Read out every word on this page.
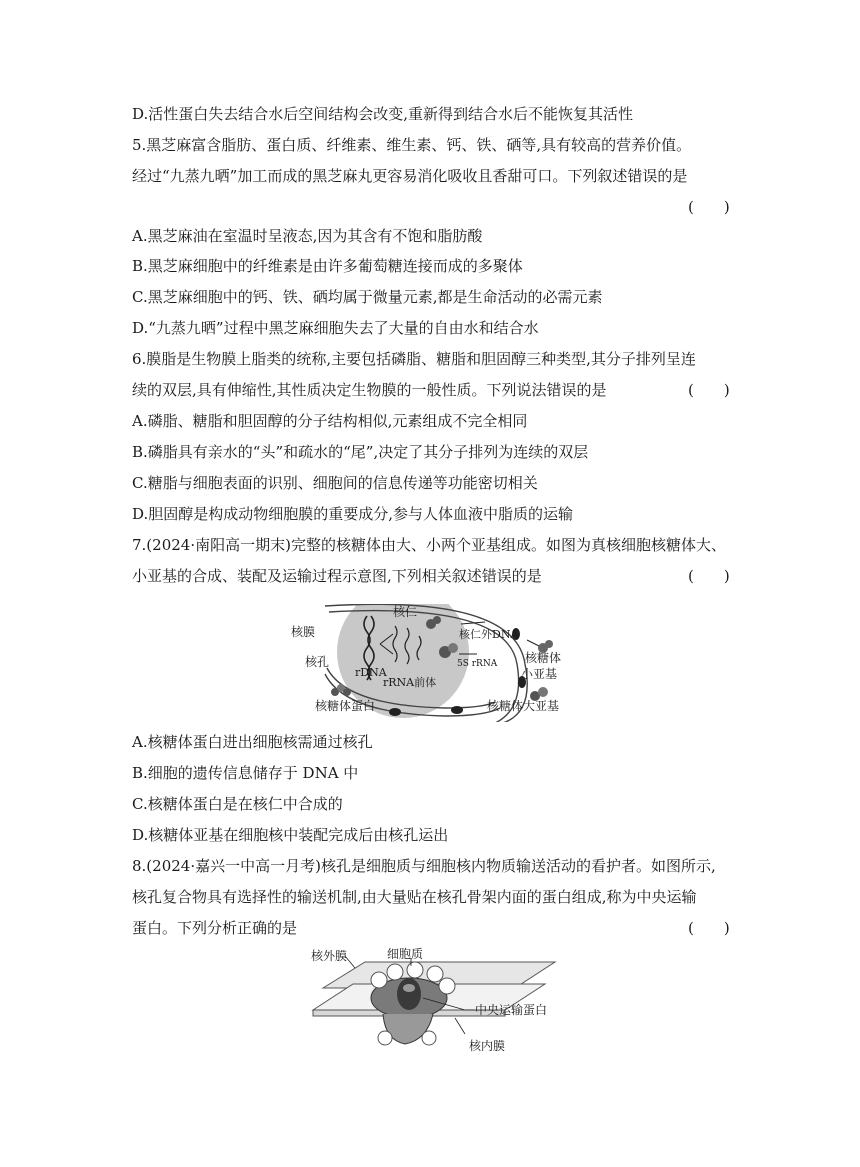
D.活性蛋白失去结合水后空间结构会改变,重新得到结合水后不能恢复其活性
5.黑芝麻富含脂肪、蛋白质、纤维素、维生素、钙、铁、硒等,具有较高的营养价值。
经过“九蒸九晒”加工而成的黑芝麻丸更容易消化吸收且香甜可口。下列叙述错误的是
(　　)
A.黑芝麻油在室温时呈液态,因为其含有不饱和脂肪酸
B.黑芝麻细胞中的纤维素是由许多葡萄糖连接而成的多聚体
C.黑芝麻细胞中的钙、铁、硒均属于微量元素,都是生命活动的必需元素
D.“九蒸九晒”过程中黑芝麻细胞失去了大量的自由水和结合水
6.膜脂是生物膜上脂类的统称,主要包括磷脂、糖脂和胆固醇三种类型,其分子排列呈连
续的双层,具有伸缩性,其性质决定生物膜的一般性质。下列说法错误的是	(　　)
A.磷脂、糖脂和胆固醇的分子结构相似,元素组成不完全相同
B.磷脂具有亲水的“头”和疏水的“尾”,决定了其分子排列为连续的双层
C.糖脂与细胞表面的识别、细胞间的信息传递等功能密切相关
D.胆固醇是构成动物细胞膜的重要成分,参与人体血液中脂质的运输
7.(2024·南阳高一期末)完整的核糖体由大、小两个亚基组成。如图为真核细胞核糖体大、
小亚基的合成、装配及运输过程示意图,下列相关叙述错误的是	(　　)
核仁
核膜
核孔
rDNA
核仁外DNA
5S rRNA
rRNA前体
核糖体
小亚基
核糖体蛋白	核糖体大亚基
A.核糖体蛋白进出细胞核需通过核孔
B.细胞的遗传信息储存于 DNA 中
C.核糖体蛋白是在核仁中合成的
D.核糖体亚基在细胞核中装配完成后由核孔运出
8.(2024·嘉兴一中高一月考)核孔是细胞质与细胞核内物质输送活动的看护者。如图所示,
核孔复合物具有选择性的输送机制,由大量贴在核孔骨架内面的蛋白组成,称为中央运输
蛋白。下列分析正确的是	(　　)
核外膜	细胞质
中央运输蛋白
核内膜
